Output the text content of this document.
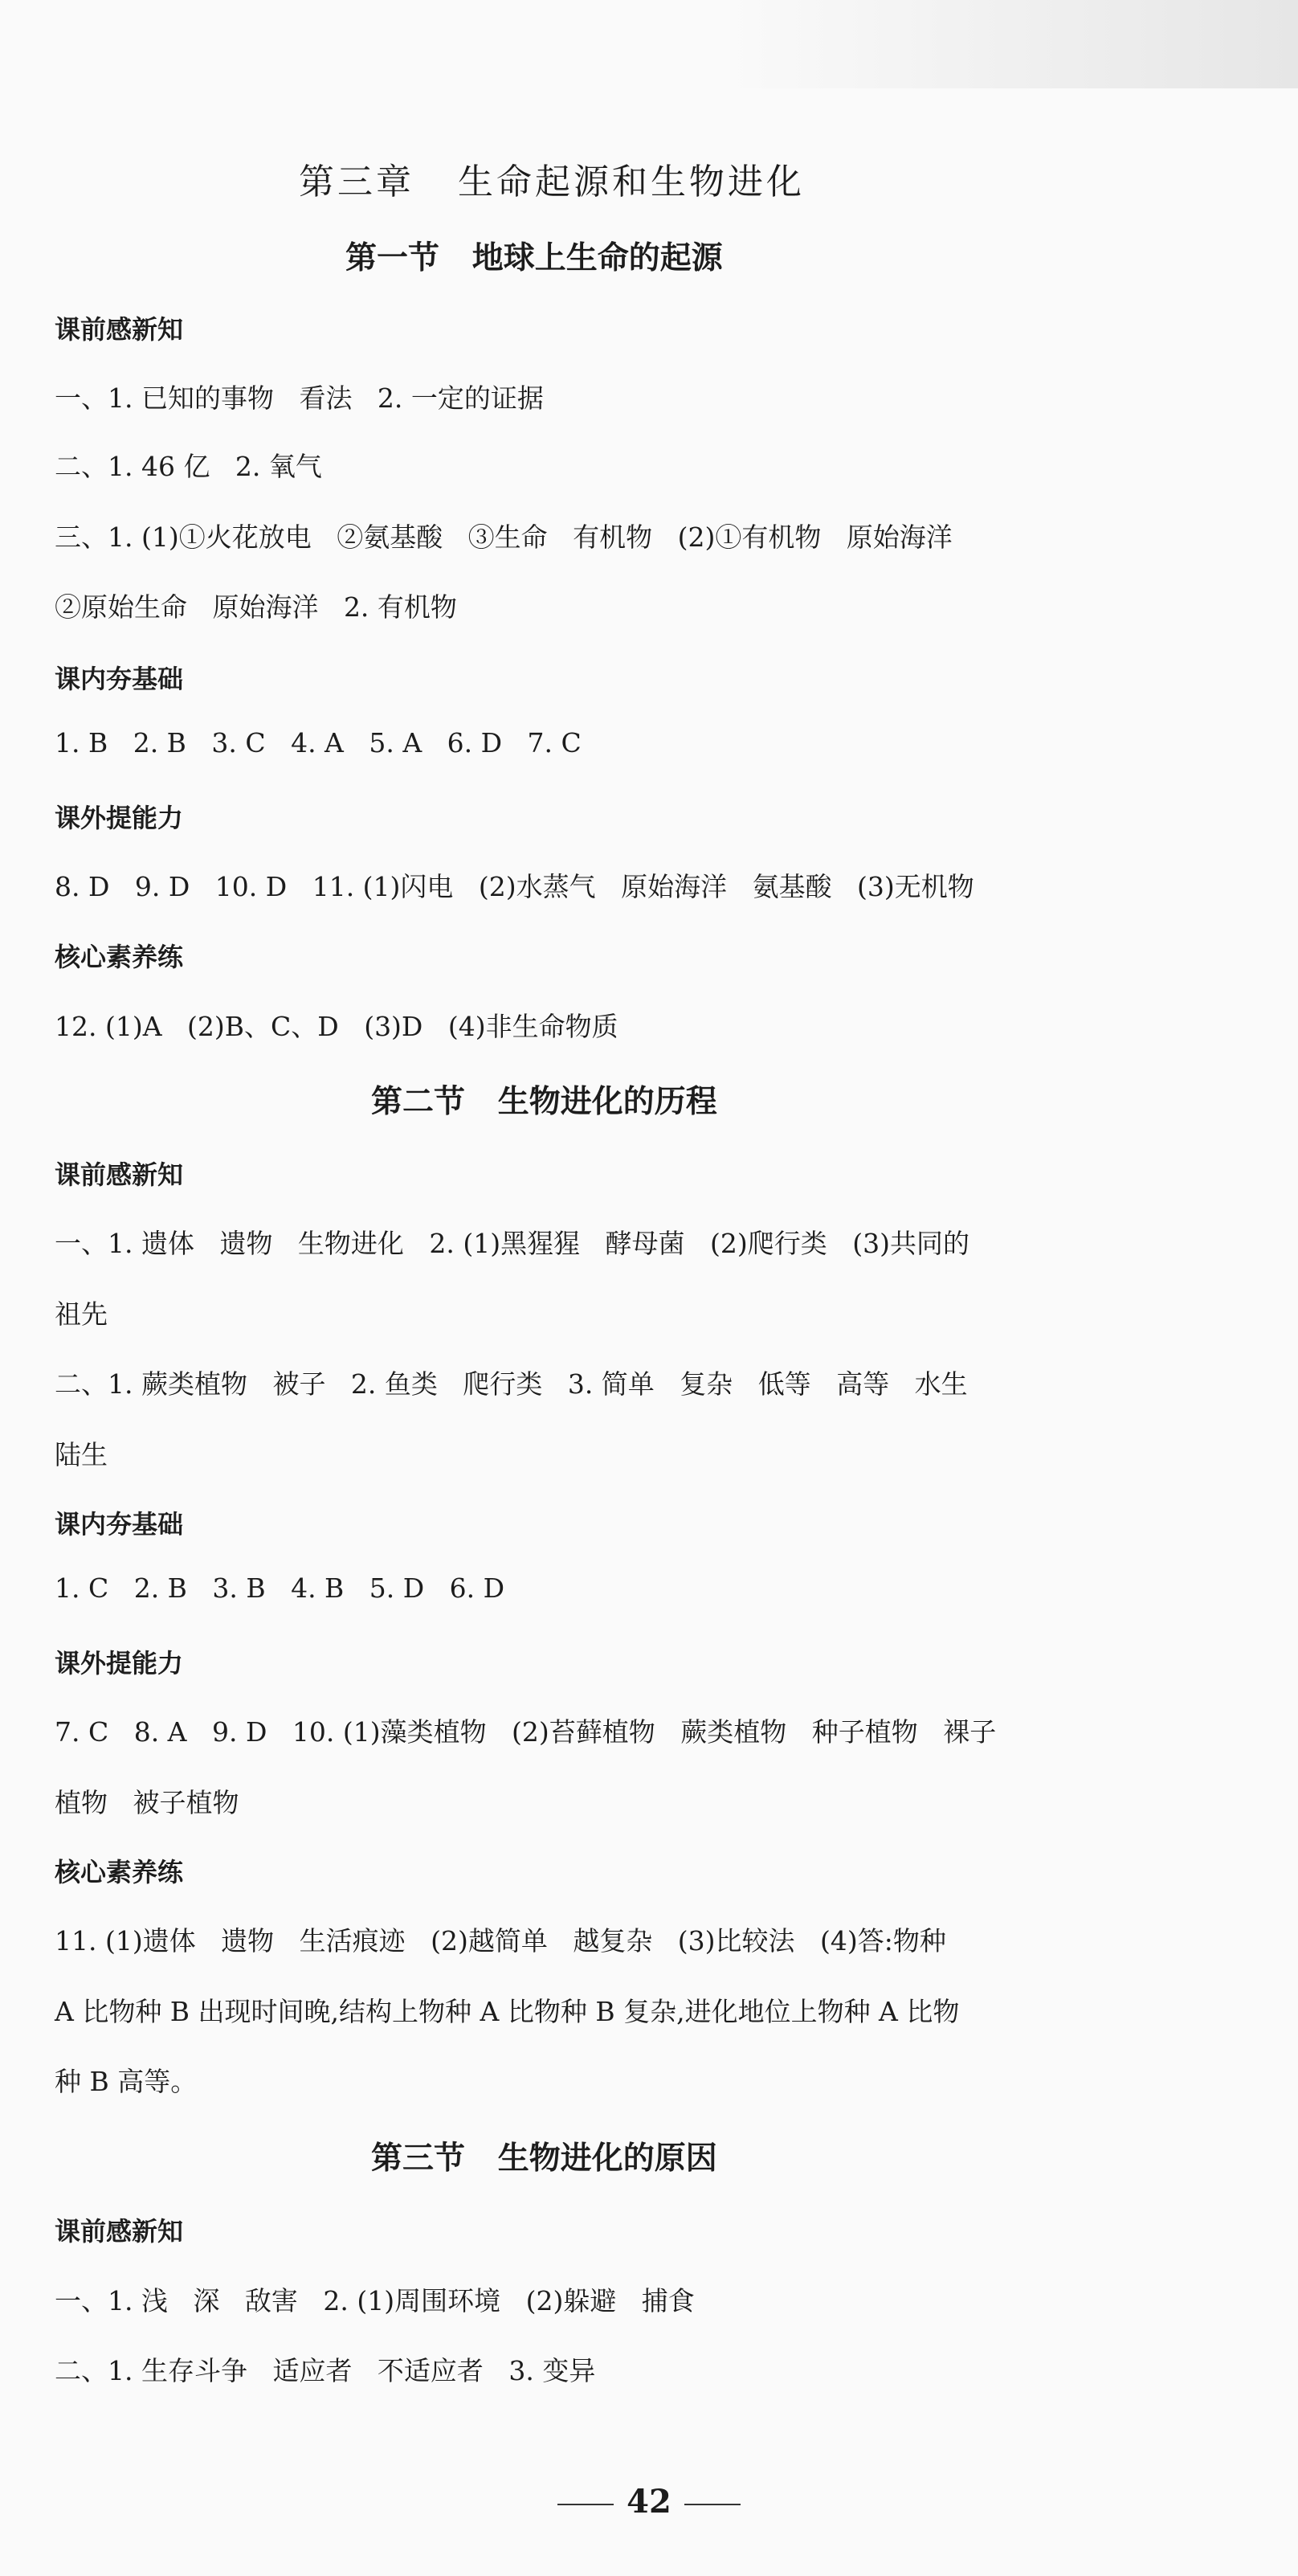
第三章   生命起源和生物进化
第一节   地球上生命的起源
课前感新知
一、1. 已知的事物   看法   2. 一定的证据
二、1. 46 亿   2. 氧气
三、1. (1)①火花放电   ②氨基酸   ③生命   有机物   (2)①有机物   原始海洋
②原始生命   原始海洋   2. 有机物
课内夯基础
1. B   2. B   3. C   4. A   5. A   6. D   7. C
课外提能力
8. D   9. D   10. D   11. (1)闪电   (2)水蒸气   原始海洋   氨基酸   (3)无机物
核心素养练
12. (1)A   (2)B、C、D   (3)D   (4)非生命物质
第二节   生物进化的历程
课前感新知
一、1. 遗体   遗物   生物进化   2. (1)黑猩猩   酵母菌   (2)爬行类   (3)共同的
祖先
二、1. 蕨类植物   被子   2. 鱼类   爬行类   3. 简单   复杂   低等   高等   水生
陆生
课内夯基础
1. C   2. B   3. B   4. B   5. D   6. D
课外提能力
7. C   8. A   9. D   10. (1)藻类植物   (2)苔藓植物   蕨类植物   种子植物   裸子
植物   被子植物
核心素养练
11. (1)遗体   遗物   生活痕迹   (2)越简单   越复杂   (3)比较法   (4)答:物种
A 比物种 B 出现时间晚,结构上物种 A 比物种 B 复杂,进化地位上物种 A 比物
种 B 高等。
第三节   生物进化的原因
课前感新知
一、1. 浅   深   敌害   2. (1)周围环境   (2)躲避   捕食
二、1. 生存斗争   适应者   不适应者   3. 变异
42
